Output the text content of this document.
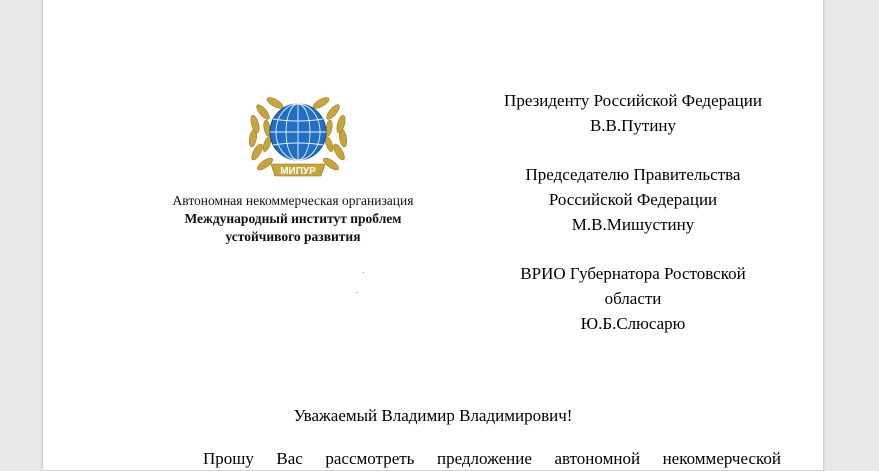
МИПУР
Автономная некоммерческая организация
Международный институт проблем
устойчивого развития
Президенту Российской Федерации
В.В.Путину
Председателю Правительства
Российской Федерации
М.В.Мишустину
ВРИО Губернатора Ростовской
области
Ю.Б.Слюсарю
Уважаемый Владимир Владимирович!
Прошу Вас рассмотреть предложение автономной некоммерческой
